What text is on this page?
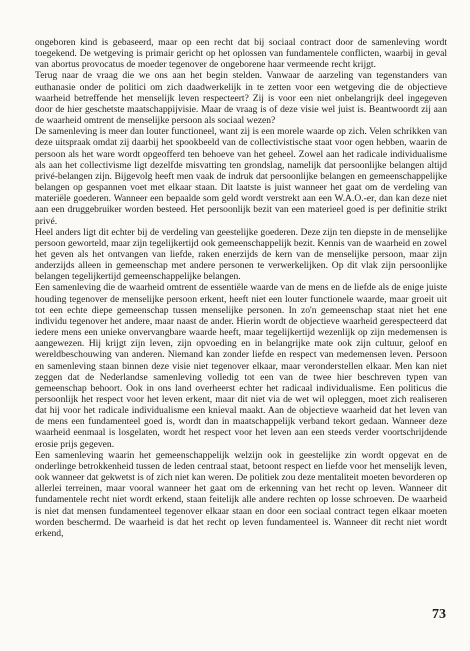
ongeboren kind is gebaseerd, maar op een recht dat bij sociaal contract door de samenleving wordt toegekend. De wetgeving is primair gericht op het oplossen van fundamentele conflicten, waarbij in geval van abortus provocatus de moeder tegenover de ongeborene haar vermeende recht krijgt.

Terug naar de vraag die we ons aan het begin stelden. Vanwaar de aarzeling van tegenstanders van euthanasie onder de politici om zich daadwerkelijk in te zetten voor een wetgeving die de objectieve waarheid betreffende het menselijk leven respecteert? Zij is voor een niet onbelangrijk deel ingegeven door de hier geschetste maatschappijvisie. Maar de vraag is of deze visie wel juist is. Beantwoordt zij aan de waarheid omtrent de menselijke persoon als sociaal wezen?

De samenleving is meer dan louter functioneel, want zij is een morele waarde op zich. Velen schrikken van deze uitspraak omdat zij daarbij het spookbeeld van de collectivistische staat voor ogen hebben, waarin de persoon als het ware wordt opgeofferd ten behoeve van het geheel. Zowel aan het radicale individualisme als aan het collectivisme ligt dezelfde misvatting ten grondslag, namelijk dat persoonlijke belangen altijd privé-belangen zijn. Bijgevolg heeft men vaak de indruk dat persoonlijke belangen en gemeenschappelijke belangen op gespannen voet met elkaar staan. Dit laatste is juist wanneer het gaat om de verdeling van materiële goederen. Wanneer een bepaalde som geld wordt verstrekt aan een W.A.O.-er, dan kan deze niet aan een druggebruiker worden besteed. Het persoonlijk bezit van een materieel goed is per definitie strikt privé.

Heel anders ligt dit echter bij de verdeling van geestelijke goederen. Deze zijn ten diepste in de menselijke persoon geworteld, maar zijn tegelijkertijd ook gemeenschappelijk bezit. Kennis van de waarheid en zowel het geven als het ontvangen van liefde, raken enerzijds de kern van de menselijke persoon, maar zijn anderzijds alleen in gemeenschap met andere personen te verwerkelijken. Op dit vlak zijn persoonlijke belangen tegelijkertijd gemeenschappelijke belangen.

Een samenleving die de waarheid omtrent de essentiële waarde van de mens en de liefde als de enige juiste houding tegenover de menselijke persoon erkent, heeft niet een louter functionele waarde, maar groeit uit tot een echte diepe gemeenschap tussen menselijke personen. In zo'n gemeenschap staat niet het ene individu tegenover het andere, maar naast de ander. Hierin wordt de objectieve waarheid gerespecteerd dat iedere mens een unieke onvervangbare waarde heeft, maar tegelijkertijd wezenlijk op zijn medemensen is aangewezen. Hij krijgt zijn leven, zijn opvoeding en in belangrijke mate ook zijn cultuur, geloof en wereldbeschouwing van anderen. Niemand kan zonder liefde en respect van medemensen leven. Persoon en samenleving staan binnen deze visie niet tegenover elkaar, maar veronderstellen elkaar. Men kan niet zeggen dat de Nederlandse samenleving volledig tot een van de twee hier beschreven typen van gemeenschap behoort. Ook in ons land overheerst echter het radicaal individualisme. Een politicus die persoonlijk het respect voor het leven erkent, maar dit niet via de wet wil opleggen, moet zich realiseren dat hij voor het radicale individualisme een knieval maakt. Aan de objectieve waarheid dat het leven van de mens een fundamenteel goed is, wordt dan in maatschappelijk verband tekort gedaan. Wanneer deze waarheid eenmaal is losgelaten, wordt het respect voor het leven aan een steeds verder voortschrijdende erosie prijs gegeven.

Een samenleving waarin het gemeenschappelijk welzijn ook in geestelijke zin wordt opgevat en de onderlinge betrokkenheid tussen de leden centraal staat, betoont respect en liefde voor het menselijk leven, ook wanneer dat gekwetst is of zich niet kan weren. De politiek zou deze mentaliteit moeten bevorderen op allerlei terreinen, maar vooral wanneer het gaat om de erkenning van het recht op leven. Wanneer dit fundamentele recht niet wordt erkend, staan feitelijk alle andere rechten op losse schroeven. De waarheid is niet dat mensen fundamenteel tegenover elkaar staan en door een sociaal contract tegen elkaar moeten worden beschermd. De waarheid is dat het recht op leven fundamenteel is. Wanneer dit recht niet wordt erkend,

73
